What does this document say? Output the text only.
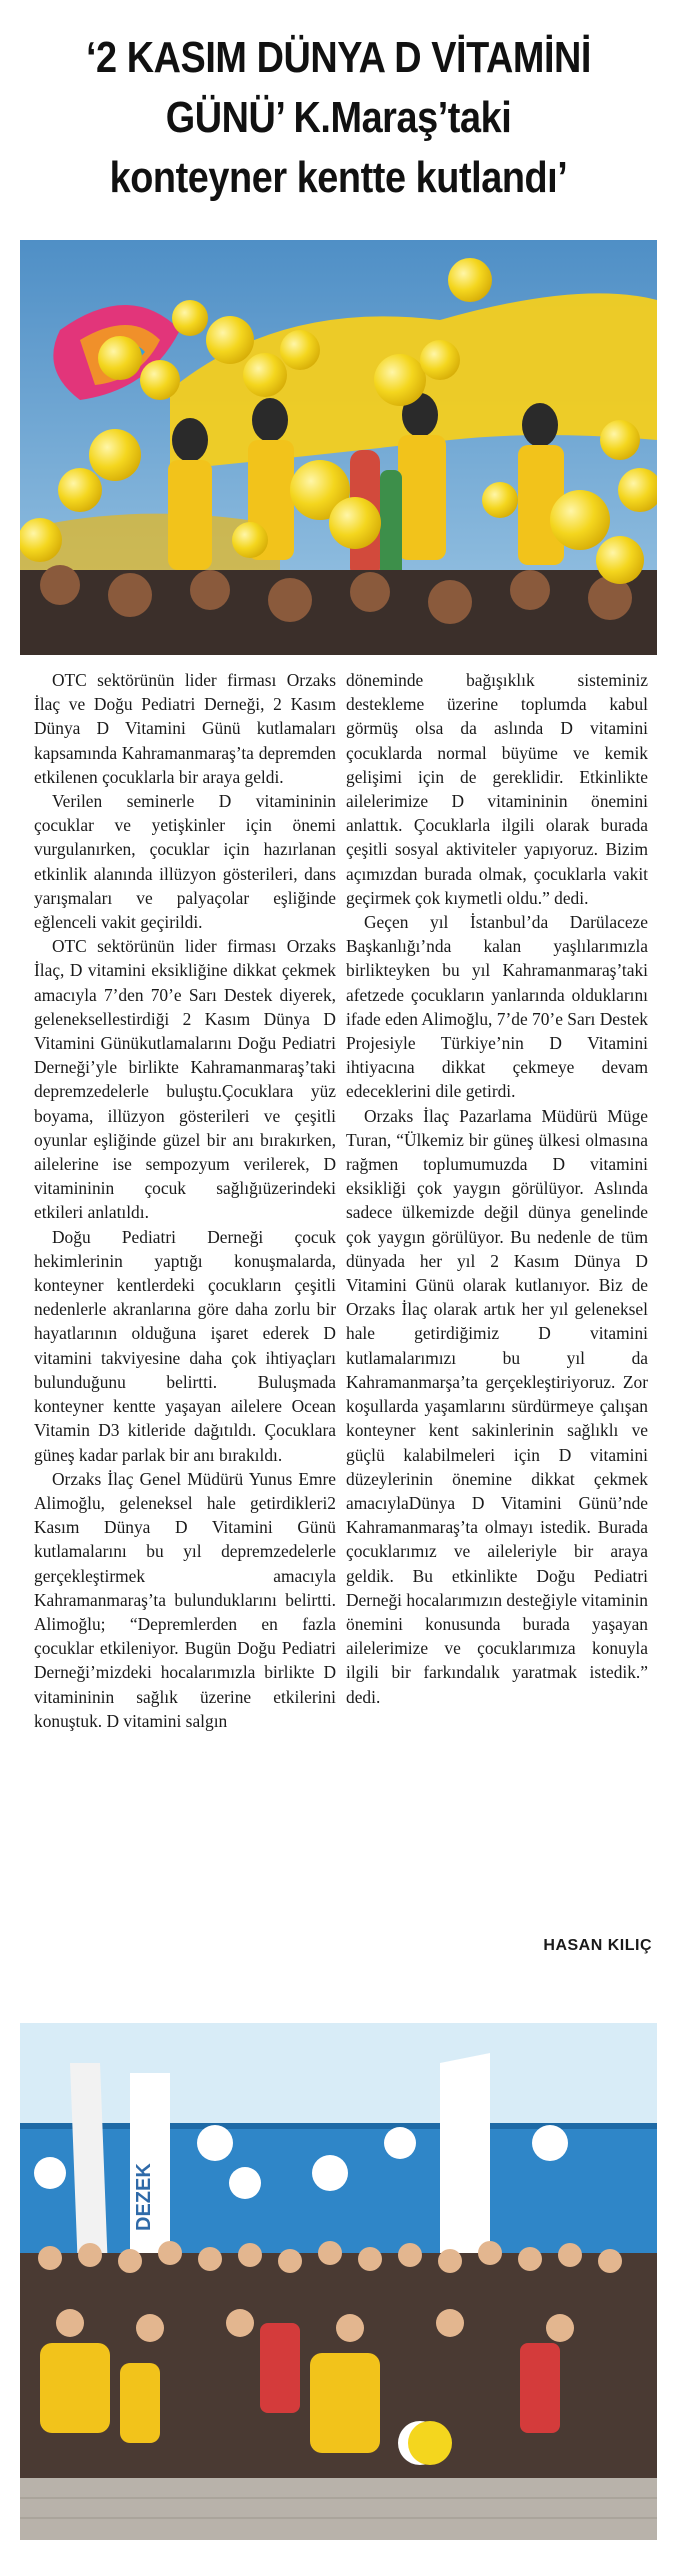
‘2 KASIM DÜNYA D VİTAMİNİ
GÜNÜ’ K.Maraş’taki
konteyner kentte kutlandı’

OTC sektörünün lider firması Orzaks İlaç ve Doğu Pediatri Derneği, 2 Kasım Dünya D Vitamini Günü kutlamaları kapsamında Kahramanmaraş’ta depremden etkilenen çocuklarla bir araya geldi.

Verilen seminerle D vitamininin çocuklar ve yetişkinler için önemi vurgulanırken, çocuklar için hazırlanan etkinlik alanında illüzyon gösterileri, dans yarışmaları ve palyaçolar eşliğinde eğlenceli vakit geçirildi.

OTC sektörünün lider firması Orzaks İlaç, D vitamini eksikliğine dikkat çekmek amacıyla 7’den 70’e Sarı Destek diyerek, geleneksellestirdiği 2 Kasım Dünya D Vitamini Günükutlamalarını Doğu Pediatri Derneği’yle birlikte Kahramanmaraş’taki depremzedelerle buluştu.Çocuklara yüz boyama, illüzyon gösterileri ve çeşitli oyunlar eşliğinde güzel bir anı bırakırken, ailelerine ise sempozyum verilerek, D vitamininin çocuk sağlığıüzerindeki etkileri anlatıldı.

Doğu Pediatri Derneği çocuk hekimlerinin yaptığı konuşmalarda, konteyner kentlerdeki çocukların çeşitli nedenlerle akranlarına göre daha zorlu bir hayatlarının olduğuna işaret ederek D vitamini takviyesine daha çok ihtiyaçları bulunduğunu belirtti. Buluşmada konteyner kentte yaşayan ailelere Ocean Vitamin D3 kitleride dağıtıldı. Çocuklara güneş kadar parlak bir anı bırakıldı.

Orzaks İlaç Genel Müdürü Yunus Emre Alimoğlu, geleneksel hale getirdikleri2 Kasım Dünya D Vitamini Günü kutlamalarını bu yıl depremzedelerle gerçekleştirmek amacıyla Kahramanmaraş’ta bulunduklarını belirtti. Alimoğlu; “Depremlerden en fazla çocuklar etkileniyor. Bugün Doğu Pediatri Derneği’mizdeki hocalarımızla birlikte D vitamininin sağlık üzerine etkilerini konuştuk. D vitamini salgın

döneminde bağışıklık sisteminiz destekleme üzerine toplumda kabul görmüş olsa da aslında D vitamini çocuklarda normal büyüme ve kemik gelişimi için de gereklidir. Etkinlikte ailelerimize D vitamininin önemini anlattık. Çocuklarla ilgili olarak burada çeşitli sosyal aktiviteler yapıyoruz. Bizim açımızdan burada olmak, çocuklarla vakit geçirmek çok kıymetli oldu.” dedi.

Geçen yıl İstanbul’da Darülaceze Başkanlığı’nda kalan yaşlılarımızla birlikteyken bu yıl Kahramanmaraş’taki afetzede çocukların yanlarında olduklarını ifade eden Alimoğlu, 7’de 70’e Sarı Destek Projesiyle Türkiye’nin D Vitamini ihtiyacına dikkat çekmeye devam edeceklerini dile getirdi.

Orzaks İlaç Pazarlama Müdürü Müge Turan, “Ülkemiz bir güneş ülkesi olmasına rağmen toplumumuzda D vitamini eksikliği çok yaygın görülüyor. Aslında sadece ülkemizde değil dünya genelinde çok yaygın görülüyor. Bu nedenle de tüm dünyada her yıl 2 Kasım Dünya D Vitamini Günü olarak kutlanıyor. Biz de Orzaks İlaç olarak artık her yıl geleneksel hale getirdiğimiz D vitamini kutlamalarımızı bu yıl da Kahramanmarşa’ta gerçekleştiriyoruz. Zor koşullarda yaşamlarını sürdürmeye çalışan konteyner kent sakinlerinin sağlıklı ve güçlü kalabilmeleri için D vitamini düzeylerinin önemine dikkat çekmek amacıylaDünya D Vitamini Günü’nde Kahramanmaraş’ta olmayı istedik. Burada çocuklarımız ve aileleriyle bir araya geldik. Bu etkinlikte Doğu Pediatri Derneği hocalarımızın desteğiyle vitaminin önemini konusunda burada yaşayan ailelerimize ve çocuklarımıza konuyla ilgili bir farkındalık yaratmak istedik.” dedi.

HASAN KILIÇ
DEZEK
